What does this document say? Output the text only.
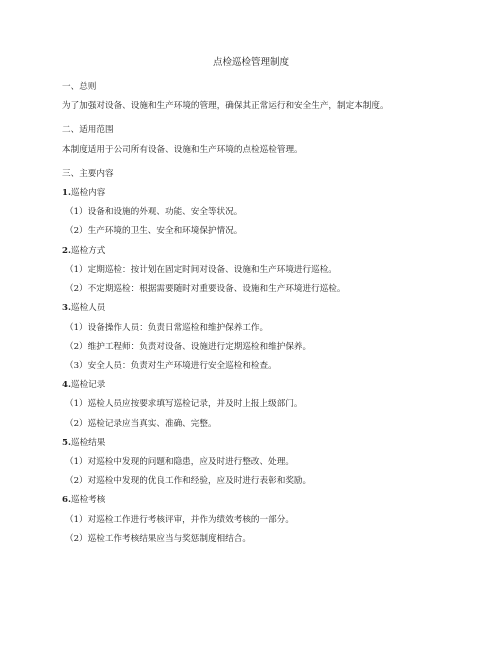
点检巡检管理制度
一、总则
为了加强对设备、设施和生产环境的管理，确保其正常运行和安全生产，制定本制度。
二、适用范围
本制度适用于公司所有设备、设施和生产环境的点检巡检管理。
三、主要内容
1.巡检内容
（1）设备和设施的外观、功能、安全等状况。
（2）生产环境的卫生、安全和环境保护情况。
2.巡检方式
（1）定期巡检：按计划在固定时间对设备、设施和生产环境进行巡检。
（2）不定期巡检：根据需要随时对重要设备、设施和生产环境进行巡检。
3.巡检人员
（1）设备操作人员：负责日常巡检和维护保养工作。
（2）维护工程师：负责对设备、设施进行定期巡检和维护保养。
（3）安全人员：负责对生产环境进行安全巡检和检查。
4.巡检记录
（1）巡检人员应按要求填写巡检记录，并及时上报上级部门。
（2）巡检记录应当真实、准确、完整。
5.巡检结果
（1）对巡检中发现的问题和隐患，应及时进行整改、处理。
（2）对巡检中发现的优良工作和经验，应及时进行表彰和奖励。
6.巡检考核
（1）对巡检工作进行考核评审，并作为绩效考核的一部分。
（2）巡检工作考核结果应当与奖惩制度相结合。
